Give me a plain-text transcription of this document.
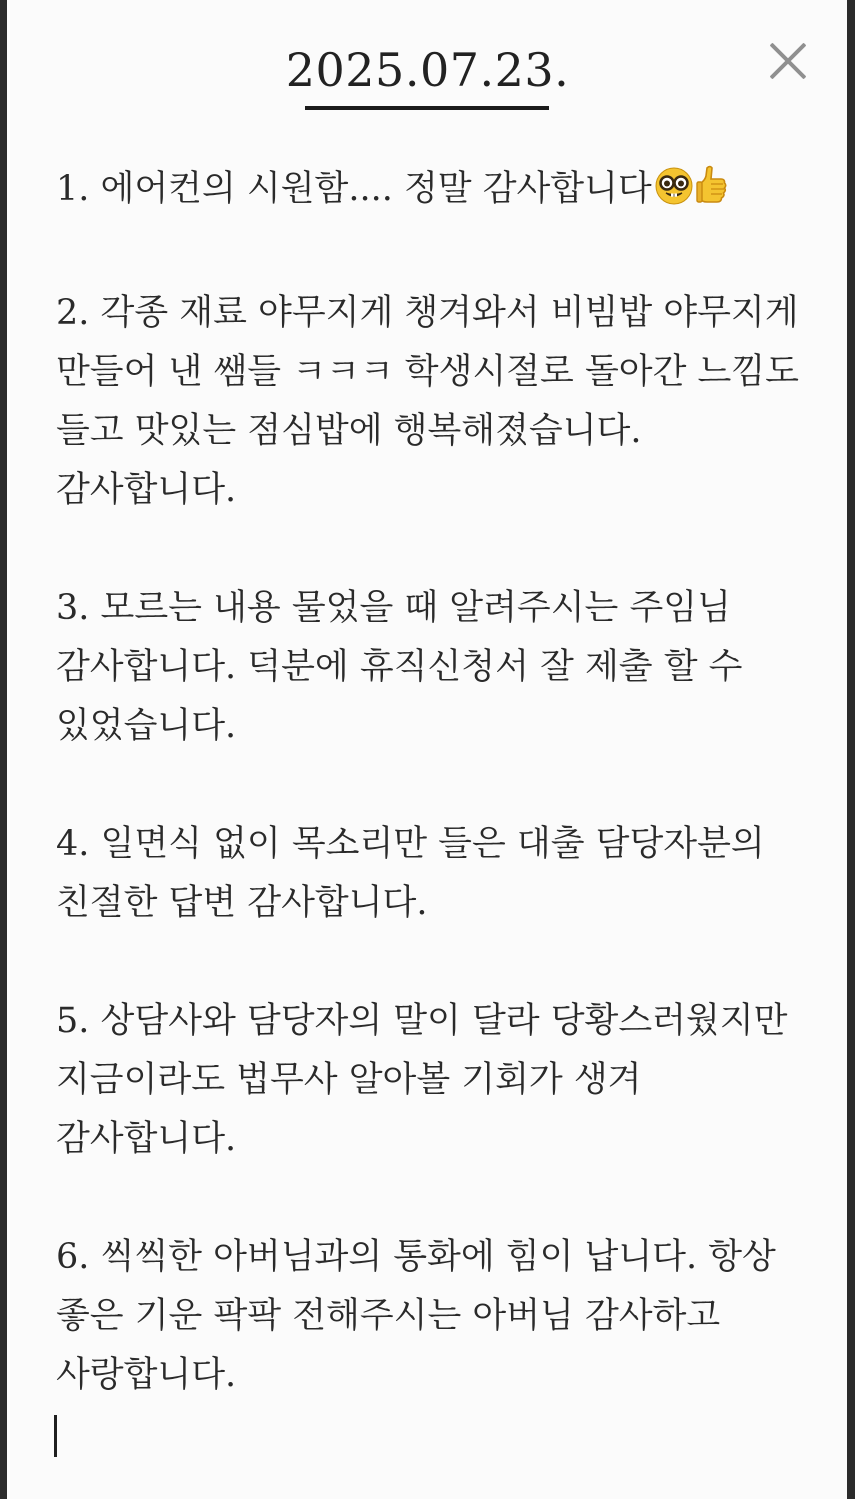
2025.07.23.

1. 에어컨의 시원함.... 정말 감사합니다

2. 각종 재료 야무지게 챙겨와서 비빔밥 야무지게 만들어 낸 쌤들 ㅋㅋㅋ 학생시절로 돌아간 느낌도 들고 맛있는 점심밥에 행복해졌습니다. 감사합니다.

3. 모르는 내용 물었을 때 알려주시는 주임님 감사합니다. 덕분에 휴직신청서 잘 제출 할 수 있었습니다.

4. 일면식 없이 목소리만 들은 대출 담당자분의 친절한 답변 감사합니다.

5. 상담사와 담당자의 말이 달라 당황스러웠지만 지금이라도 법무사 알아볼 기회가 생겨 감사합니다.

6. 씩씩한 아버님과의 통화에 힘이 납니다. 항상 좋은 기운 팍팍 전해주시는 아버님 감사하고 사랑합니다.
